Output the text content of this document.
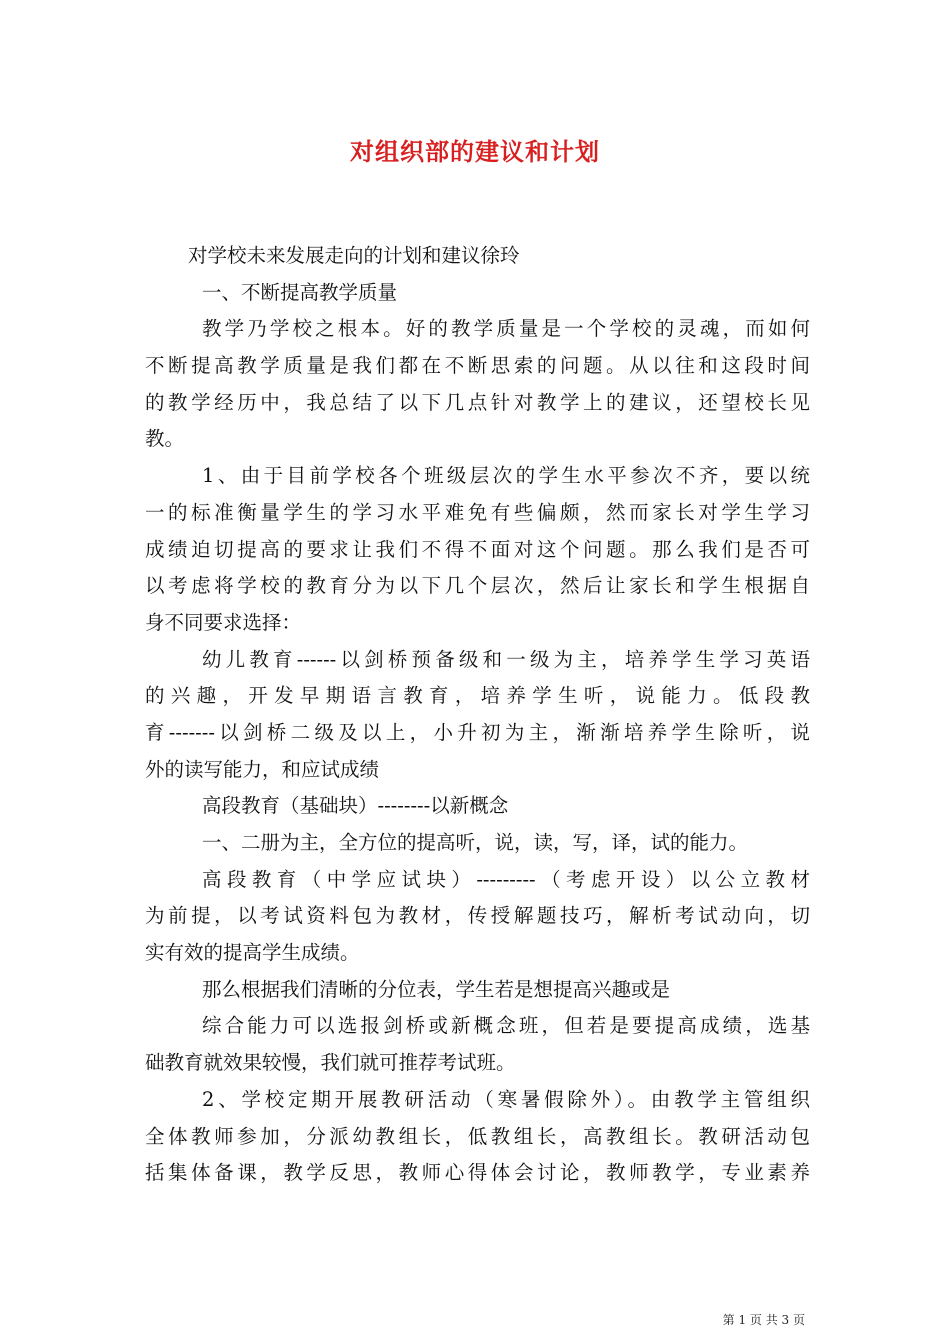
对组织部的建议和计划
对学校未来发展走向的计划和建议徐玲
一、不断提高教学质量
教学乃学校之根本。好的教学质量是一个学校的灵魂，而如何
不断提高教学质量是我们都在不断思索的问题。从以往和这段时间
的教学经历中，我总结了以下几点针对教学上的建议，还望校长见
教。
1、由于目前学校各个班级层次的学生水平参次不齐，要以统
一的标准衡量学生的学习水平难免有些偏颇，然而家长对学生学习
成绩迫切提高的要求让我们不得不面对这个问题。那么我们是否可
以考虑将学校的教育分为以下几个层次，然后让家长和学生根据自
身不同要求选择：
幼儿教育------以剑桥预备级和一级为主，培养学生学习英语
的兴趣，开发早期语言教育，培养学生听，说能力。低段教
育-------以剑桥二级及以上，小升初为主，渐渐培养学生除听，说
外的读写能力，和应试成绩
高段教育（基础块）--------以新概念
一、二册为主，全方位的提高听，说，读，写，译，试的能力。
高段教育（中学应试块）---------（考虑开设）以公立教材
为前提，以考试资料包为教材，传授解题技巧，解析考试动向，切
实有效的提高学生成绩。
那么根据我们清晰的分位表，学生若是想提高兴趣或是
综合能力可以选报剑桥或新概念班，但若是要提高成绩，选基
础教育就效果较慢，我们就可推荐考试班。
2、学校定期开展教研活动（寒暑假除外）。由教学主管组织
全体教师参加，分派幼教组长，低教组长，高教组长。教研活动包
括集体备课，教学反思，教师心得体会讨论，教师教学，专业素养
第 1 页 共 3 页
